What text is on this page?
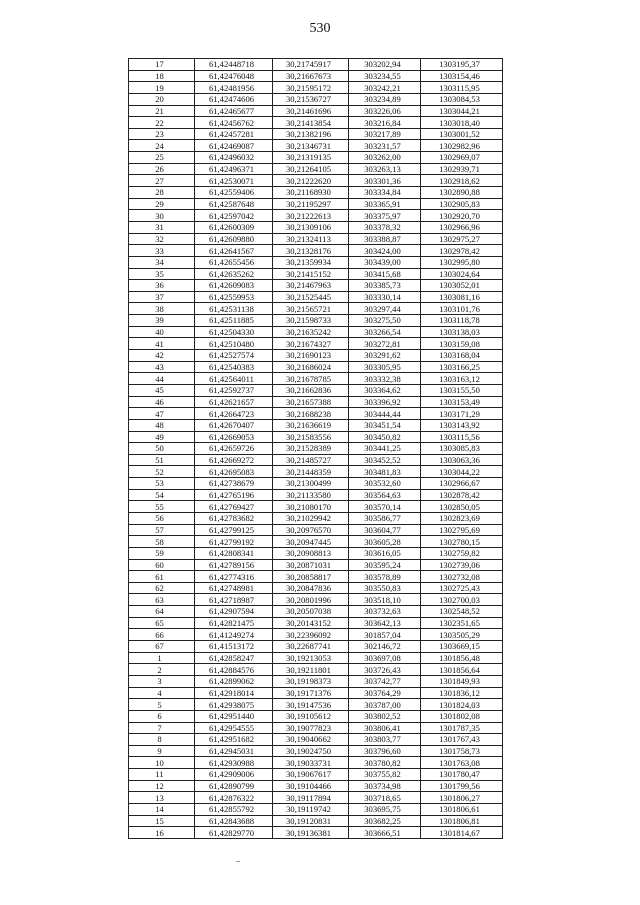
530
17	61,42448718	30,21745917	303202,94	1303195,37
18	61,42476048	30,21667673	303234,55	1303154,46
19	61,42481956	30,21595172	303242,21	1303115,95
20	61,42474606	30,21536727	303234,89	1303084,53
21	61,42465677	30,21461696	303226,06	1303044,21
22	61,42456762	30,21413854	303216,84	1303018,40
23	61,42457281	30,21382196	303217,89	1303001,52
24	61,42469087	30,21346731	303231,57	1302982,96
25	61,42496032	30,21319135	303262,00	1302969,07
26	61,42496371	30,21264105	303263,13	1302939,71
27	61,42530071	30,21222620	303301,36	1302918,62
28	61,42559406	30,21168930	303334,84	1302890,88
29	61,42587648	30,21195297	303365,91	1302905,83
30	61,42597042	30,21222613	303375,97	1302920,70
31	61,42600309	30,21309106	303378,32	1302966,96
32	61,42609880	30,21324113	303388,87	1302975,27
33	61,42641567	30,21328176	303424,00	1302978,42
34	61,42655456	30,21359934	303439,00	1302995,80
35	61,42635262	30,21415152	303415,68	1303024,64
36	61,42609083	30,21467963	303385,73	1303052,01
37	61,42559953	30,21525445	303330,14	1303081,16
38	61,42531138	30,21565721	303297,44	1303101,76
39	61,42511885	30,21598733	303275,50	1303118,78
40	61,42504330	30,21635242	303266,54	1303138,03
41	61,42510480	30,21674327	303272,81	1303159,08
42	61,42527574	30,21690123	303291,62	1303168,04
43	61,42540383	30,21686024	303305,95	1303166,25
44	61,42564011	30,21678785	303332,38	1303163,12
45	61,42592737	30,21662836	303364,62	1303155,50
46	61,42621657	30,21657388	303396,92	1303153,49
47	61,42664723	30,21688238	303444,44	1303171,29
48	61,42670407	30,21636619	303451,54	1303143,92
49	61,42669053	30,21583556	303450,82	1303115,56
50	61,42659726	30,21528389	303441,25	1303085,83
51	61,42669272	30,21485727	303452,52	1303063,36
52	61,42695083	30,21448359	303481,83	1303044,22
53	61,42738679	30,21300499	303532,60	1302966,67
54	61,42765196	30,21133580	303564,63	1302878,42
55	61,42769427	30,21080170	303570,14	1302850,05
56	61,42783682	30,21029942	303586,77	1302823,69
57	61,42799125	30,20976570	303604,77	1302795,69
58	61,42799192	30,20947445	303605,28	1302780,15
59	61,42808341	30,20908813	303616,05	1302759,82
60	61,42789156	30,20871031	303595,24	1302739,06
61	61,42774316	30,20858817	303578,89	1302732,08
62	61,42748981	30,20847836	303550,83	1302725,43
63	61,42718987	30,20801996	303518,10	1302700,03
64	61,42907594	30,20507038	303732,63	1302548,52
65	61,42821475	30,20143152	303642,13	1302351,65
66	61,41249274	30,22396092	301857,04	1303505,29
67	61,41513172	30,22687741	302146,72	1303669,15
1	61,42858247	30,19213053	303697,08	1301856,48
2	61,42884576	30,19211801	303726,43	1301856,64
3	61,42899062	30,19198373	303742,77	1301849,93
4	61,42918014	30,19171376	303764,29	1301836,12
5	61,42938075	30,19147536	303787,00	1301824,03
6	61,42951440	30,19105612	303802,52	1301802,08
7	61,42954555	30,19077823	303806,41	1301787,35
8	61,42951682	30,19040662	303803,77	1301767,43
9	61,42945031	30,19024750	303796,60	1301758,73
10	61,42930988	30,19033731	303780,82	1301763,08
11	61,42909006	30,19067617	303755,82	1301780,47
12	61,42890799	30,19104466	303734,98	1301799,56
13	61,42876322	30,19117894	303718,65	1301806,27
14	61,42855792	30,19119742	303695,75	1301806,61
15	61,42843688	30,19120831	303682,25	1301806,81
16	61,42829770	30,19136381	303666,51	1301814,67
